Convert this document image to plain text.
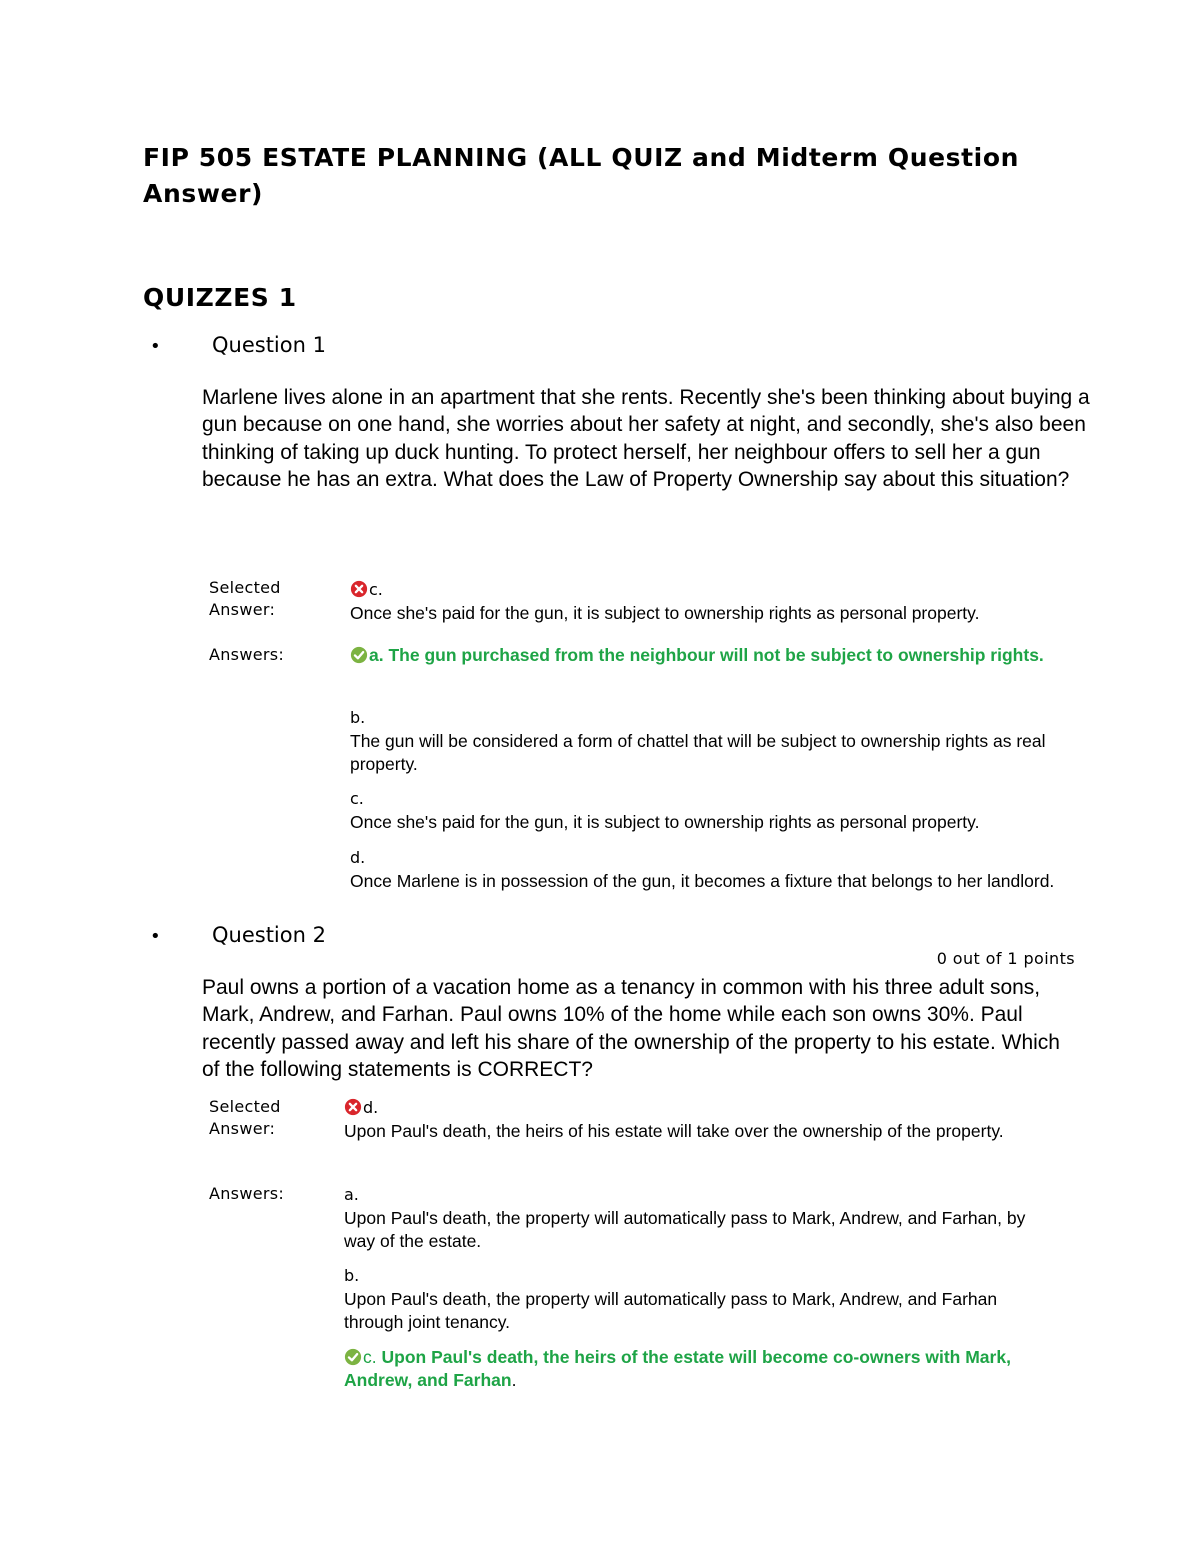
FIP 505 ESTATE PLANNING (ALL QUIZ and Midterm Question Answer)
QUIZZES 1
• Question 1

Marlene lives alone in an apartment that she rents. Recently she's been thinking about buying a gun because on one hand, she worries about her safety at night, and secondly, she's also been thinking of taking up duck hunting. To protect herself, her neighbour offers to sell her a gun because he has an extra. What does the Law of Property Ownership say about this situation?

Selected Answer:
c.
Once she's paid for the gun, it is subject to ownership rights as personal property.
Answers:	a. The gun purchased from the neighbour will not be subject to ownership rights.
b.
The gun will be considered a form of chattel that will be subject to ownership rights as real property.
c.
Once she's paid for the gun, it is subject to ownership rights as personal property.
d.
Once Marlene is in possession of the gun, it becomes a fixture that belongs to her landlord.
• Question 2
0 out of 1 points

Paul owns a portion of a vacation home as a tenancy in common with his three adult sons, Mark, Andrew, and Farhan. Paul owns 10% of the home while each son owns 30%. Paul recently passed away and left his share of the ownership of the property to his estate. Which of the following statements is CORRECT?

Selected Answer:
d.
Upon Paul's death, the heirs of his estate will take over the ownership of the property.
Answers:	a.
Upon Paul's death, the property will automatically pass to Mark, Andrew, and Farhan, by way of the estate.
b.
Upon Paul's death, the property will automatically pass to Mark, Andrew, and Farhan through joint tenancy.
c. Upon Paul's death, the heirs of the estate will become co-owners with Mark, Andrew, and Farhan.
